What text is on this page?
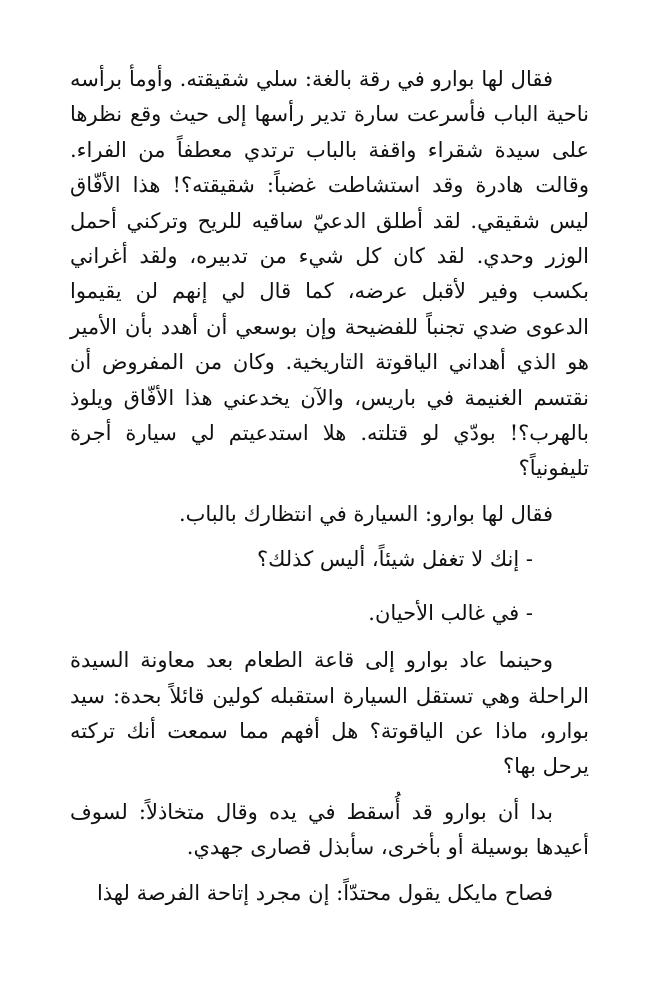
فقال لها بوارو في رقة بالغة: سلي شقيقته. وأومأ برأسه ناحية الباب فأسرعت سارة تدير رأسها إلى حيث وقع نظرها على سيدة شقراء واقفة بالباب ترتدي معطفاً من الفراء. وقالت هادرة وقد استشاطت غضباً: شقيقته؟! هذا الأفّاق ليس شقيقي. لقد أطلق الدعيّ ساقيه للريح وتركني أحمل الوزر وحدي. لقد كان كل شيء من تدبيره، ولقد أغراني بكسب وفير لأقبل عرضه، كما قال لي إنهم لن يقيموا الدعوى ضدي تجنباً للفضيحة وإن بوسعي أن أهدد بأن الأمير هو الذي أهداني الياقوتة التاريخية. وكان من المفروض أن نقتسم الغنيمة في باريس، والآن يخدعني هذا الأفّاق ويلوذ بالهرب؟! بودّي لو قتلته. هلا استدعيتم لي سيارة أجرة تليفونياً؟

فقال لها بوارو: السيارة في انتظارك بالباب.

- إنك لا تغفل شيئاً، أليس كذلك؟

- في غالب الأحيان.

وحينما عاد بوارو إلى قاعة الطعام بعد معاونة السيدة الراحلة وهي تستقل السيارة استقبله كولين قائلاً بحدة: سيد بوارو، ماذا عن الياقوتة؟ هل أفهم مما سمعت أنك تركته يرحل بها؟

بدا أن بوارو قد أُسقط في يده وقال متخاذلاً: لسوف أعيدها بوسيلة أو بأخرى، سأبذل قصارى جهدي.

فصاح مايكل يقول محتدّاً: إن مجرد إتاحة الفرصة لهذا
